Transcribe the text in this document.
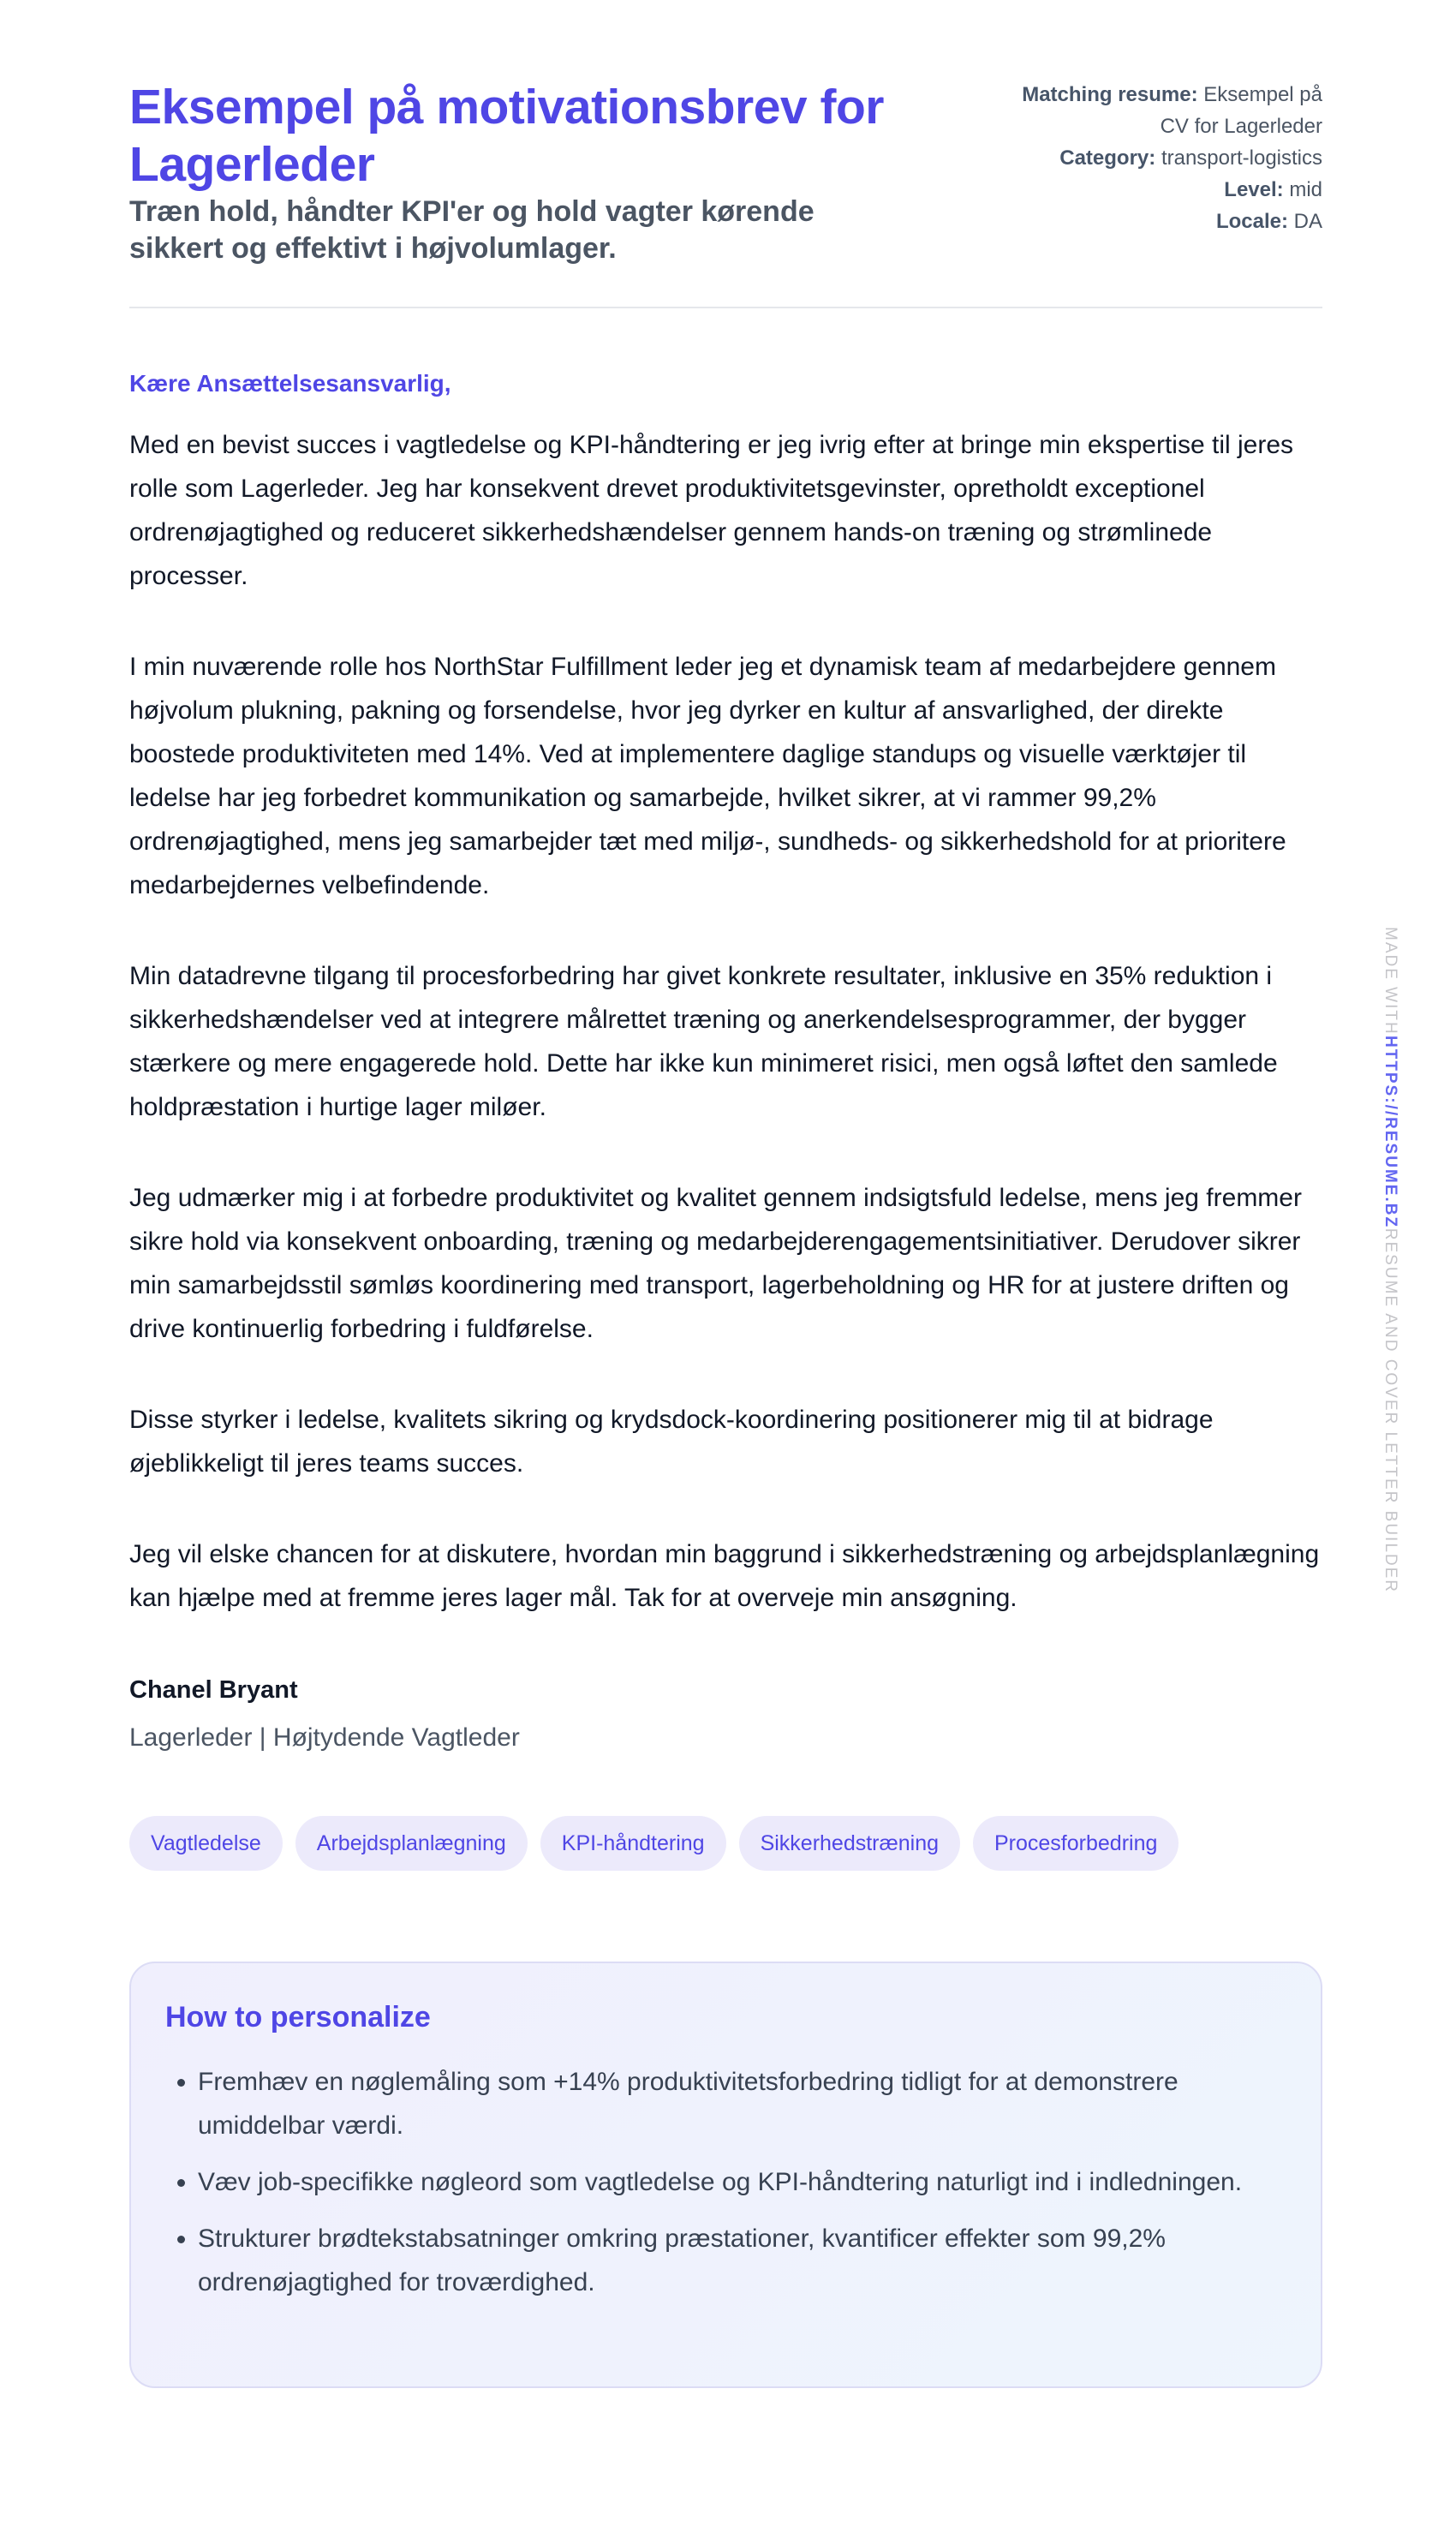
Eksempel på motivationsbrev for Lagerleder
Træn hold, håndter KPI'er og hold vagter kørende sikkert og effektivt i højvolumlager.
Matching resume: Eksempel på CV for Lagerleder
Category: transport-logistics
Level: mid
Locale: DA
Kære Ansættelsesansvarlig,

Med en bevist succes i vagtledelse og KPI-håndtering er jeg ivrig efter at bringe min ekspertise til jeres rolle som Lagerleder. Jeg har konsekvent drevet produktivitetsgevinster, opretholdt exceptionel ordrenøjagtighed og reduceret sikkerhedshændelser gennem hands-on træning og strømlinede processer.

I min nuværende rolle hos NorthStar Fulfillment leder jeg et dynamisk team af medarbejdere gennem højvolum plukning, pakning og forsendelse, hvor jeg dyrker en kultur af ansvarlighed, der direkte boostede produktiviteten med 14%. Ved at implementere daglige standups og visuelle værktøjer til ledelse har jeg forbedret kommunikation og samarbejde, hvilket sikrer, at vi rammer 99,2% ordrenøjagtighed, mens jeg samarbejder tæt med miljø-, sundheds- og sikkerhedshold for at prioritere medarbejdernes velbefindende.

Min datadrevne tilgang til procesforbedring har givet konkrete resultater, inklusive en 35% reduktion i sikkerhedshændelser ved at integrere målrettet træning og anerkendelsesprogrammer, der bygger stærkere og mere engagerede hold. Dette har ikke kun minimeret risici, men også løftet den samlede holdpræstation i hurtige lager miløer.

Jeg udmærker mig i at forbedre produktivitet og kvalitet gennem indsigtsfuld ledelse, mens jeg fremmer sikre hold via konsekvent onboarding, træning og medarbejderengagementsinitiativer. Derudover sikrer min samarbejdsstil sømløs koordinering med transport, lagerbeholdning og HR for at justere driften og drive kontinuerlig forbedring i fuldførelse.

Disse styrker i ledelse, kvalitets sikring og krydsdock-koordinering positionerer mig til at bidrage øjeblikkeligt til jeres teams succes.

Jeg vil elske chancen for at diskutere, hvordan min baggrund i sikkerhedstræning og arbejdsplanlægning kan hjælpe med at fremme jeres lager mål. Tak for at overveje min ansøgning.

Chanel Bryant
Lagerleder | Højtydende Vagtleder
Vagtledelse	Arbejdsplanlægning	KPI-håndtering	Sikkerhedstræning	Procesforbedring
How to personalize
• Fremhæv en nøglemåling som +14% produktivitetsforbedring tidligt for at demonstrere umiddelbar værdi.
• Væv job-specifikke nøgleord som vagtledelse og KPI-håndtering naturligt ind i indledningen.
• Strukturer brødtekstabsatninger omkring præstationer, kvantificer effekter som 99,2% ordrenøjagtighed for troværdighed.
MADE WITHHTTPS://RESUME.BZRESUME AND COVER LETTER BUILDER
